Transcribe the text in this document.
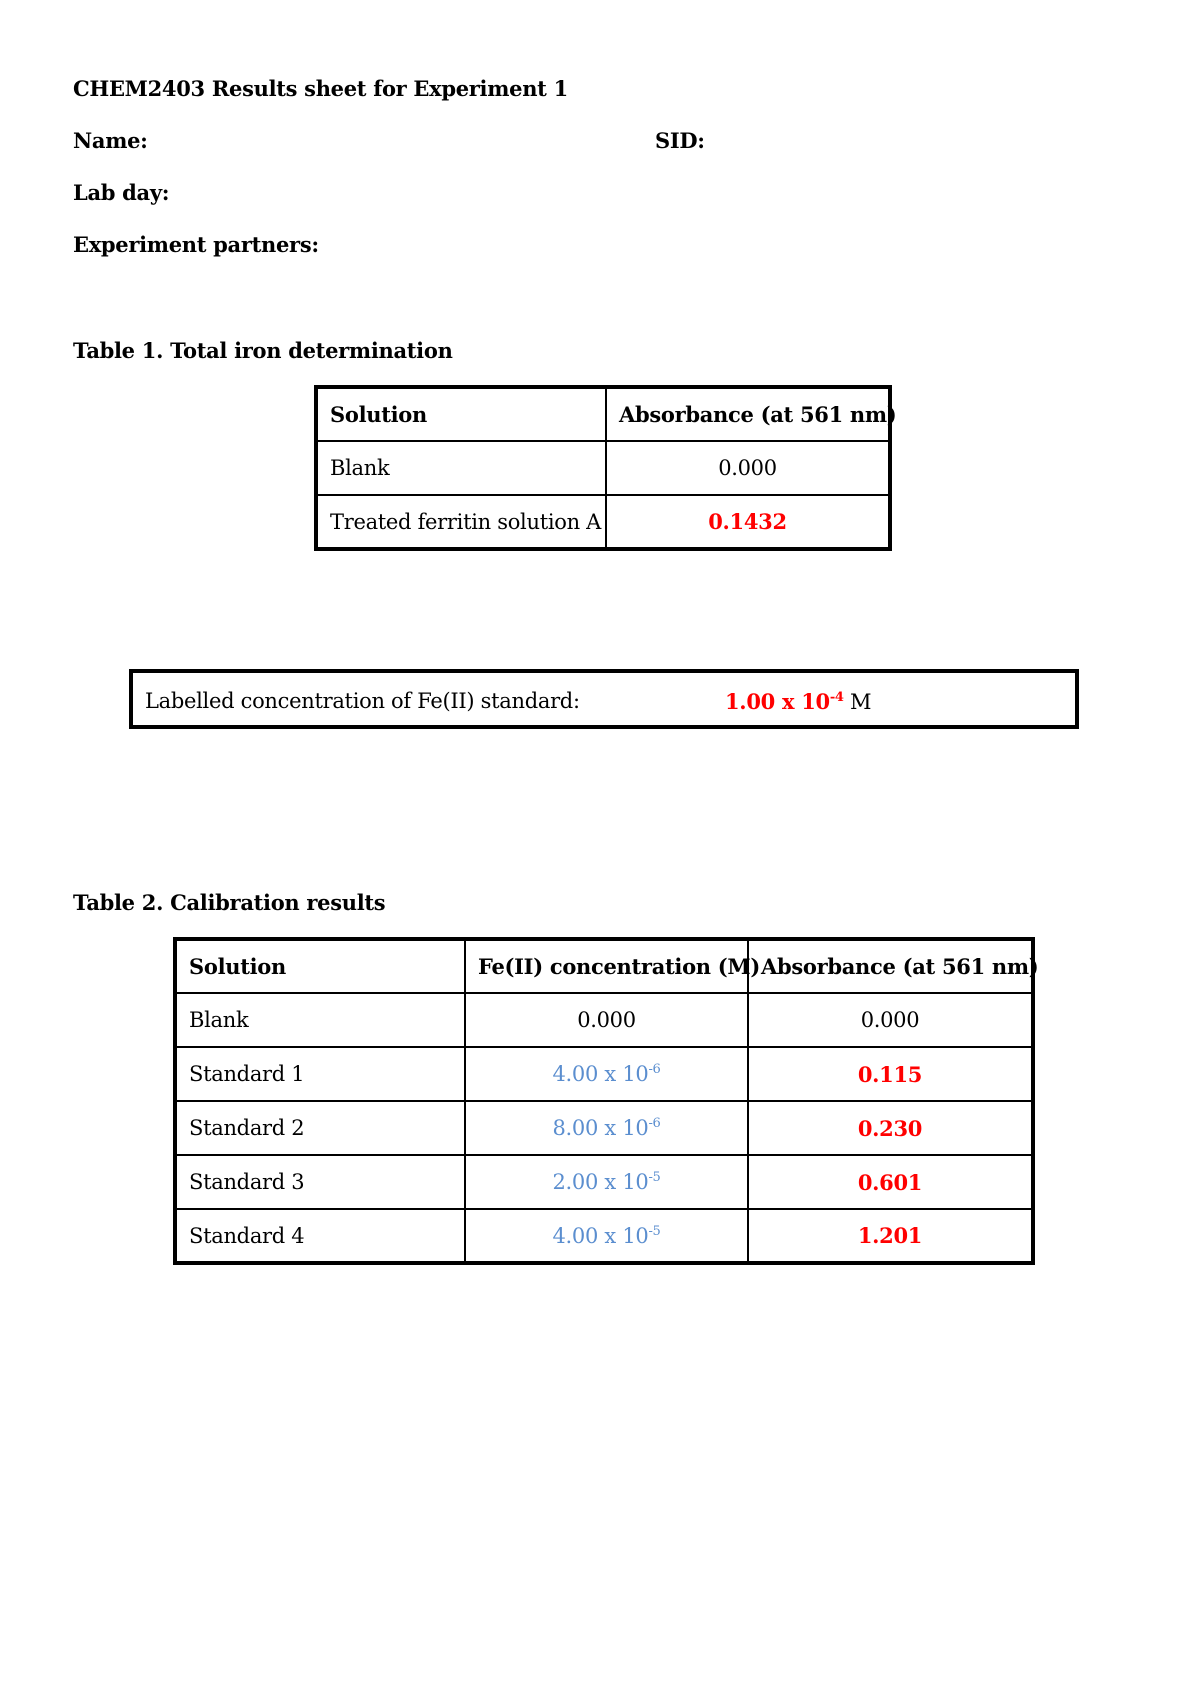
CHEM2403 Results sheet for Experiment 1
Name:	SID:
Lab day:
Experiment partners:
Table 1. Total iron determination
Solution	Absorbance (at 561 nm)
Blank	0.000
Treated ferritin solution A	0.1432
Labelled concentration of Fe(II) standard:	1.00 x $10^{-4}$ M
Table 2. Calibration results
Solution	Fe(II) concentration (M)	Absorbance (at 561 nm)
Blank	0.000	0.000
Standard 1	4.00 x $10^{-6}$	0.115
Standard 2	8.00 x $10^{-6}$	0.230
Standard 3	2.00 x $10^{-5}$	0.601
Standard 4	4.00 x $10^{-5}$	1.201
